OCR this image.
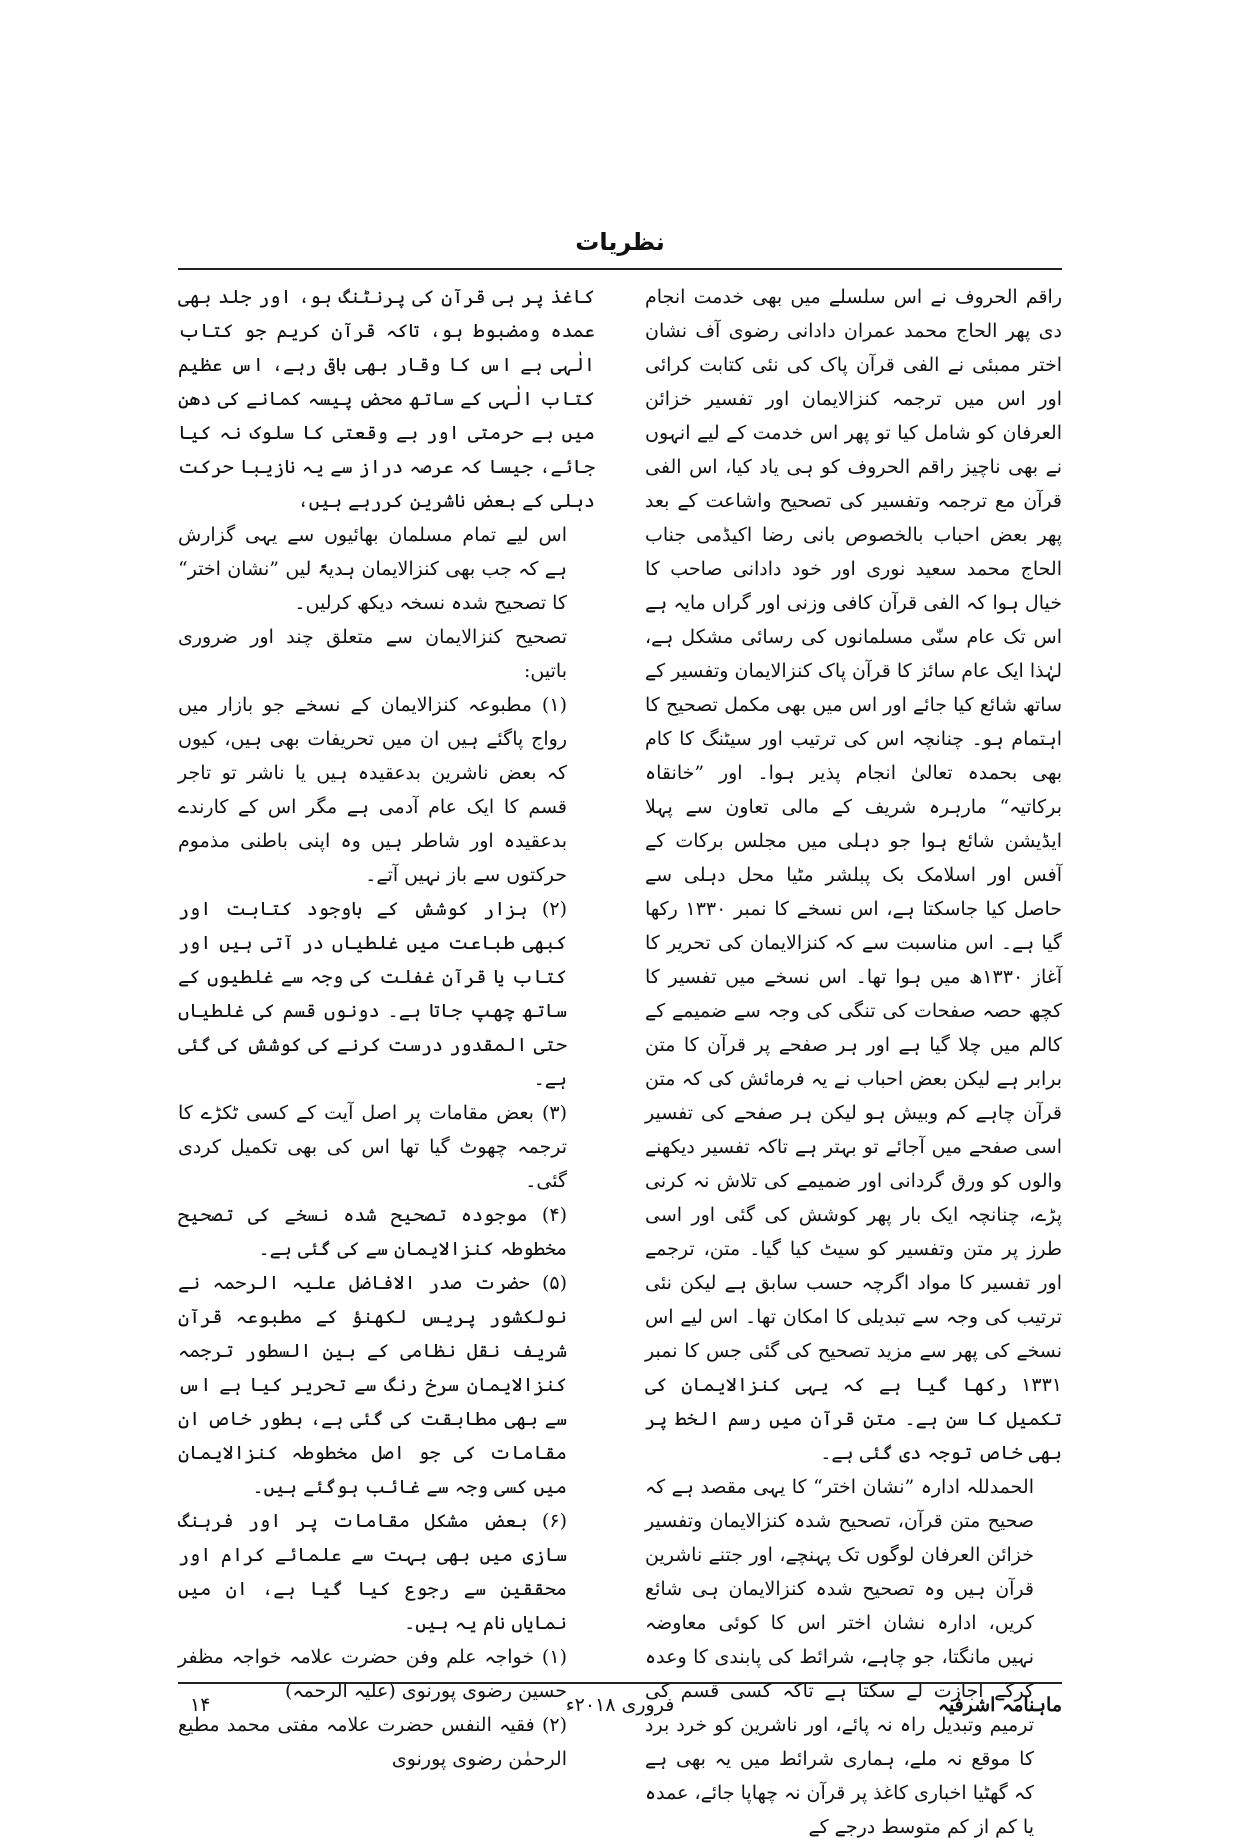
نظریات

راقم الحروف نے اس سلسلے میں بھی خدمت انجام دی پھر الحاج محمد عمران دادانی رضوی آف نشان اختر ممبئی نے الفی قرآن پاک کی نئی کتابت کرائی اور اس میں ترجمہ کنزالایمان اور تفسیر خزائن العرفان کو شامل کیا تو پھر اس خدمت کے لیے انہوں نے بھی ناچیز راقم الحروف کو ہی یاد کیا، اس الفی قرآن مع ترجمہ وتفسیر کی تصحیح واشاعت کے بعد پھر بعض احباب بالخصوص بانی رضا اکیڈمی جناب الحاج محمد سعید نوری اور خود دادانی صاحب کا خیال ہوا کہ الفی قرآن کافی وزنی اور گراں مایہ ہے اس تک عام سنّی مسلمانوں کی رسائی مشکل ہے، لہٰذا ایک عام سائز کا قرآن پاک کنزالایمان وتفسیر کے ساتھ شائع کیا جائے اور اس میں بھی مکمل تصحیح کا اہتمام ہو۔ چنانچہ اس کی ترتیب اور سیٹنگ کا کام بھی بحمدہ تعالیٰ انجام پذیر ہوا۔ اور ”خانقاہ برکاتیہ“ مارہرہ شریف کے مالی تعاون سے پہلا ایڈیشن شائع ہوا جو دہلی میں مجلس برکات کے آفس اور اسلامک بک پبلشر مٹیا محل دہلی سے حاصل کیا جاسکتا ہے، اس نسخے کا نمبر ۱۳۳۰ رکھا گیا ہے۔ اس مناسبت سے کہ کنزالایمان کی تحریر کا آغاز ۱۳۳۰ھ میں ہوا تھا۔ اس نسخے میں تفسیر کا کچھ حصہ صفحات کی تنگی کی وجہ سے ضمیمے کے کالم میں چلا گیا ہے اور ہر صفحے پر قرآن کا متن برابر ہے لیکن بعض احباب نے یہ فرمائش کی کہ متن قرآن چاہے کم وبیش ہو لیکن ہر صفحے کی تفسیر اسی صفحے میں آجائے تو بہتر ہے تاکہ تفسیر دیکھنے والوں کو ورق گردانی اور ضمیمے کی تلاش نہ کرنی پڑے، چنانچہ ایک بار پھر کوشش کی گئی اور اسی طرز پر متن وتفسیر کو سیٹ کیا گیا۔ متن، ترجمے اور تفسیر کا مواد اگرچہ حسب سابق ہے لیکن نئی ترتیب کی وجہ سے تبدیلی کا امکان تھا۔ اس لیے اس نسخے کی پھر سے مزید تصحیح کی گئی جس کا نمبر ۱۳۳۱ رکھا گیا ہے کہ یہی کنزالایمان کی تکمیل کا سن ہے۔ متن قرآن میں رسم الخط پر بھی خاص توجہ دی گئی ہے۔

الحمدللہ ادارہ ”نشان اختر“ کا یہی مقصد ہے کہ صحیح متن قرآن، تصحیح شدہ کنزالایمان وتفسیر خزائن العرفان لوگوں تک پہنچے، اور جتنے ناشرین قرآن ہیں وہ تصحیح شدہ کنزالایمان ہی شائع کریں، ادارہ نشان اختر اس کا کوئی معاوضہ نہیں مانگتا، جو چاہے، شرائط کی پابندی کا وعدہ کرکے اجازت لے سکتا ہے تاکہ کسی قسم کی ترمیم وتبدیل راہ نہ پائے، اور ناشرین کو خرد برد کا موقع نہ ملے، ہماری شرائط میں یہ بھی ہے کہ گھٹیا اخباری کاغذ پر قرآن نہ چھاپا جائے، عمدہ یا کم از کم متوسط درجے کے

کاغذ پر ہی قرآن کی پرنٹنگ ہو، اور جلد بھی عمدہ ومضبوط ہو، تاکہ قرآن کریم جو کتاب الٰہی ہے اس کا وقار بھی باقی رہے، اس عظیم کتاب الٰہی کے ساتھ محض پیسہ کمانے کی دھن میں بے حرمتی اور بے وقعتی کا سلوک نہ کیا جائے، جیسا کہ عرصہ دراز سے یہ نازیبا حرکت دہلی کے بعض ناشرین کررہے ہیں،

اس لیے تمام مسلمان بھائیوں سے یہی گزارش ہے کہ جب بھی کنزالایمان ہدیۃً لیں ”نشان اختر“ کا تصحیح شدہ نسخہ دیکھ کرلیں۔

تصحیح کنزالایمان سے متعلق چند اور ضروری باتیں:

(۱) مطبوعہ کنزالایمان کے نسخے جو بازار میں رواج پاگئے ہیں ان میں تحریفات بھی ہیں، کیوں کہ بعض ناشرین بدعقیدہ ہیں یا ناشر تو تاجر قسم کا ایک عام آدمی ہے مگر اس کے کارندے بدعقیدہ اور شاطر ہیں وہ اپنی باطنی مذموم حرکتوں سے باز نہیں آتے۔

(۲) ہزار کوشش کے باوجود کتابت اور کبھی طباعت میں غلطیاں در آتی ہیں اور کتاب یا قرآن غفلت کی وجہ سے غلطیوں کے ساتھ چھپ جاتا ہے۔ دونوں قسم کی غلطیاں حتی المقدور درست کرنے کی کوشش کی گئی ہے۔

(۳) بعض مقامات پر اصل آیت کے کسی ٹکڑے کا ترجمہ چھوٹ گیا تھا اس کی بھی تکمیل کردی گئی۔

(۴) موجودہ تصحیح شدہ نسخے کی تصحیح مخطوطہ کنزالایمان سے کی گئی ہے۔

(۵) حضرت صدر الافاضل علیہ الرحمہ نے نولکشور پریس لکھنؤ کے مطبوعہ قرآن شریف نقل نظامی کے بین السطور ترجمہ کنزالایمان سرخ رنگ سے تحریر کیا ہے اس سے بھی مطابقت کی گئی ہے، بطور خاص ان مقامات کی جو اصل مخطوطہ کنزالایمان میں کسی وجہ سے غائب ہوگئے ہیں۔

(۶) بعض مشکل مقامات پر اور فرہنگ سازی میں بھی بہت سے علمائے کرام اور محققین سے رجوع کیا گیا ہے، ان میں نمایاں نام یہ ہیں۔

(۱) خواجہ علم وفن حضرت علامہ خواجہ مظفر حسین رضوی پورنوی (علیہ الرحمہ)

(۲) فقیہ النفس حضرت علامہ مفتی محمد مطیع الرحمٰن رضوی پورنوی

ماہنامہ اشرفیہ
فروری ۲۰۱۸ء
۱۴
